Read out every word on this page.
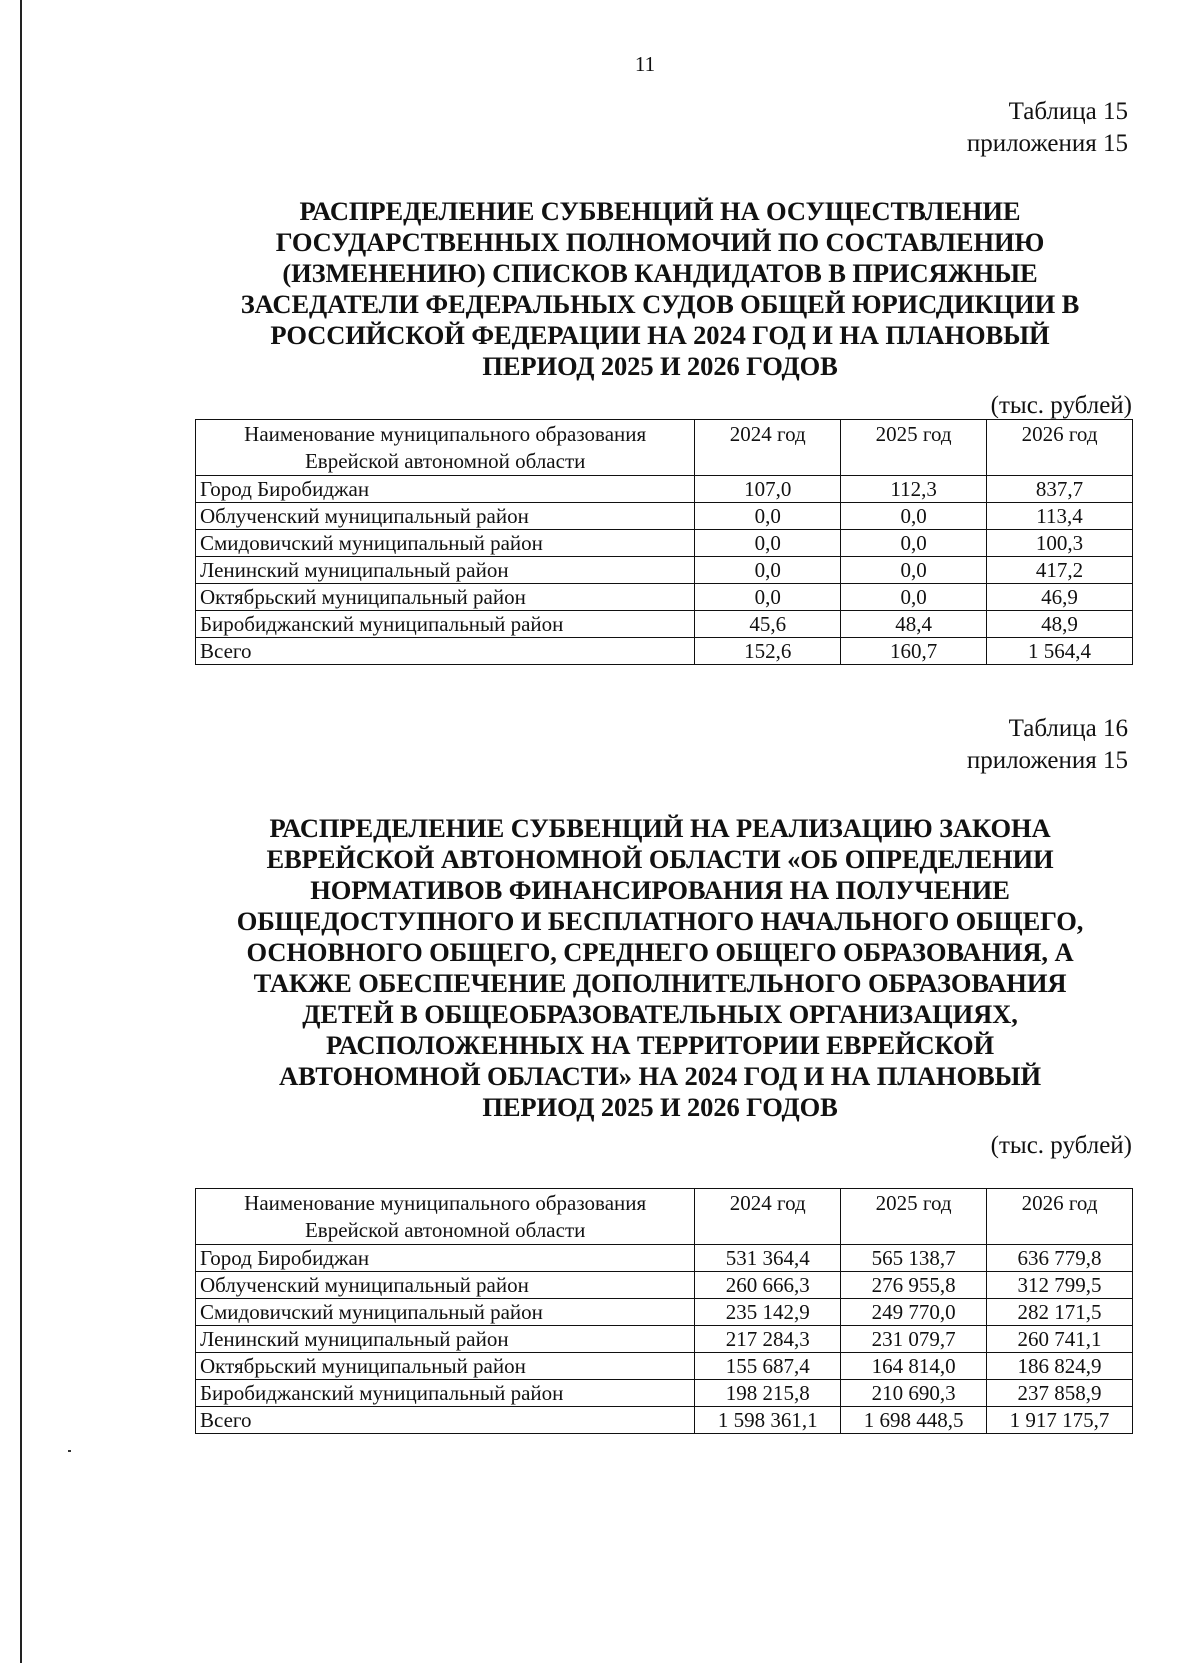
11
Таблица 15
приложения 15
РАСПРЕДЕЛЕНИЕ СУБВЕНЦИЙ НА ОСУЩЕСТВЛЕНИЕ
ГОСУДАРСТВЕННЫХ ПОЛНОМОЧИЙ ПО СОСТАВЛЕНИЮ
(ИЗМЕНЕНИЮ) СПИСКОВ КАНДИДАТОВ В ПРИСЯЖНЫЕ
ЗАСЕДАТЕЛИ ФЕДЕРАЛЬНЫХ СУДОВ ОБЩЕЙ ЮРИСДИКЦИИ В
РОССИЙСКОЙ ФЕДЕРАЦИИ НА 2024 ГОД И НА ПЛАНОВЫЙ
ПЕРИОД 2025 И 2026 ГОДОВ
(тыс. рублей)
Наименование муниципального образования Еврейской автономной области	2024 год	2025 год	2026 год
Город Биробиджан	107,0	112,3	837,7
Облученский муниципальный район	0,0	0,0	113,4
Смидовичский муниципальный район	0,0	0,0	100,3
Ленинский муниципальный район	0,0	0,0	417,2
Октябрьский муниципальный район	0,0	0,0	46,9
Биробиджанский муниципальный район	45,6	48,4	48,9
Всего	152,6	160,7	1 564,4
Таблица 16
приложения 15
РАСПРЕДЕЛЕНИЕ СУБВЕНЦИЙ НА РЕАЛИЗАЦИЮ ЗАКОНА
ЕВРЕЙСКОЙ АВТОНОМНОЙ ОБЛАСТИ «ОБ ОПРЕДЕЛЕНИИ
НОРМАТИВОВ ФИНАНСИРОВАНИЯ НА ПОЛУЧЕНИЕ
ОБЩЕДОСТУПНОГО И БЕСПЛАТНОГО НАЧАЛЬНОГО ОБЩЕГО,
ОСНОВНОГО ОБЩЕГО, СРЕДНЕГО ОБЩЕГО ОБРАЗОВАНИЯ, А
ТАКЖЕ ОБЕСПЕЧЕНИЕ ДОПОЛНИТЕЛЬНОГО ОБРАЗОВАНИЯ
ДЕТЕЙ В ОБЩЕОБРАЗОВАТЕЛЬНЫХ ОРГАНИЗАЦИЯХ,
РАСПОЛОЖЕННЫХ НА ТЕРРИТОРИИ ЕВРЕЙСКОЙ
АВТОНОМНОЙ ОБЛАСТИ» НА 2024 ГОД И НА ПЛАНОВЫЙ
ПЕРИОД 2025 И 2026 ГОДОВ
(тыс. рублей)
Наименование муниципального образования Еврейской автономной области	2024 год	2025 год	2026 год
Город Биробиджан	531 364,4	565 138,7	636 779,8
Облученский муниципальный район	260 666,3	276 955,8	312 799,5
Смидовичский муниципальный район	235 142,9	249 770,0	282 171,5
Ленинский муниципальный район	217 284,3	231 079,7	260 741,1
Октябрьский муниципальный район	155 687,4	164 814,0	186 824,9
Биробиджанский муниципальный район	198 215,8	210 690,3	237 858,9
Всего	1 598 361,1	1 698 448,5	1 917 175,7
